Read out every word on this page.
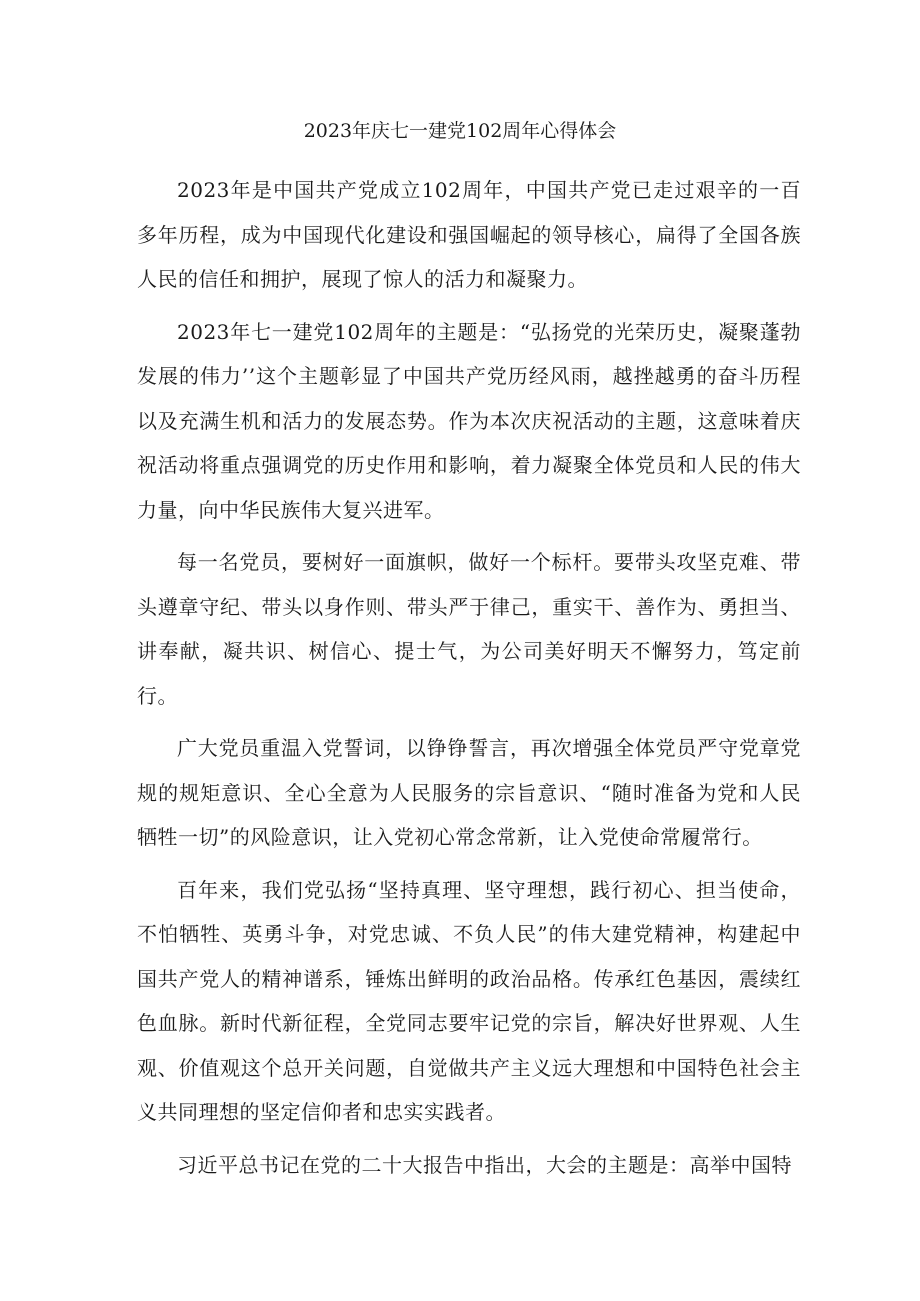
2023年庆七一建党102周年心得体会

2023年是中国共产党成立102周年，中国共产党已走过艰辛的一百多年历程，成为中国现代化建设和强国崛起的领导核心，扁得了全国各族人民的信任和拥护，展现了惊人的活力和凝聚力。

2023年七一建党102周年的主题是：“弘扬党的光荣历史，凝聚蓬勃发展的伟力’’这个主题彰显了中国共产党历经风雨，越挫越勇的奋斗历程以及充满生机和活力的发展态势。作为本次庆祝活动的主题，这意味着庆祝活动将重点强调党的历史作用和影响，着力凝聚全体党员和人民的伟大力量，向中华民族伟大复兴进军。

每一名党员，要树好一面旗帜，做好一个标杆。要带头攻坚克难、带头遵章守纪、带头以身作则、带头严于律己，重实干、善作为、勇担当、讲奉献，凝共识、树信心、提士气，为公司美好明天不懈努力，笃定前行。

广大党员重温入党誓词，以铮铮誓言，再次增强全体党员严守党章党规的规矩意识、全心全意为人民服务的宗旨意识、“随时准备为党和人民牺牲一切”的风险意识，让入党初心常念常新，让入党使命常履常行。

百年来，我们党弘扬“坚持真理、坚守理想，践行初心、担当使命，不怕牺牲、英勇斗争，对党忠诚、不负人民”的伟大建党精神，构建起中国共产党人的精神谱系，锤炼出鲜明的政治品格。传承红色基因，震续红色血脉。新时代新征程，全党同志要牢记党的宗旨，解决好世界观、人生观、价值观这个总开关问题，自觉做共产主义远大理想和中国特色社会主义共同理想的坚定信仰者和忠实实践者。

习近平总书记在党的二十大报告中指出，大会的主题是：高举中国特
